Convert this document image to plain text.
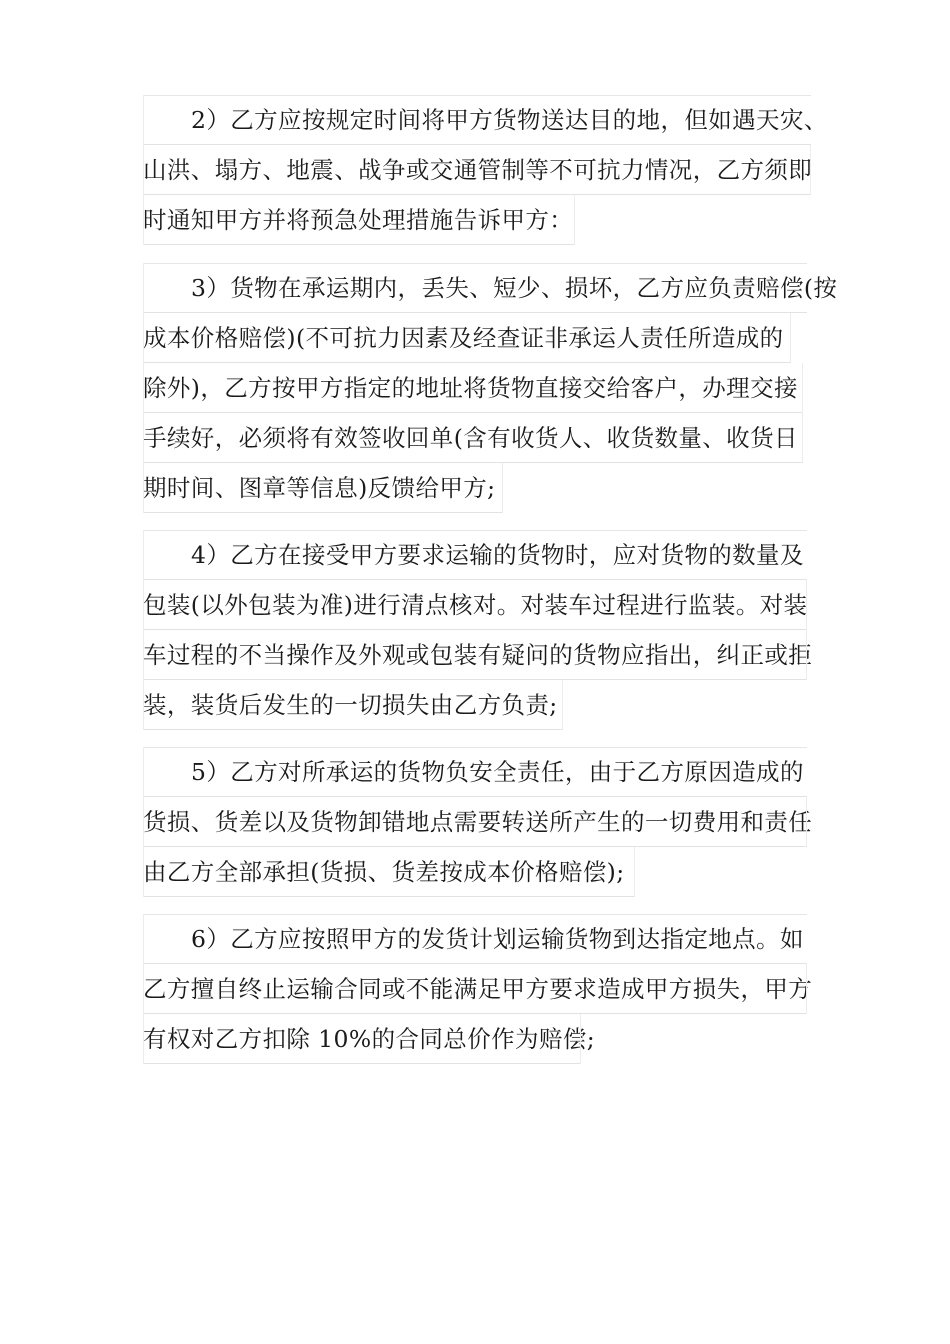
2）乙方应按规定时间将甲方货物送达目的地，但如遇天灾、
山洪、塌方、地震、战争或交通管制等不可抗力情况，乙方须即
时通知甲方并将预急处理措施告诉甲方：
3）货物在承运期内，丢失、短少、损坏，乙方应负责赔偿(按
成本价格赔偿)(不可抗力因素及经查证非承运人责任所造成的
除外)，乙方按甲方指定的地址将货物直接交给客户，办理交接
手续好，必须将有效签收回单(含有收货人、收货数量、收货日
期时间、图章等信息)反馈给甲方;
4）乙方在接受甲方要求运输的货物时，应对货物的数量及
包装(以外包装为准)进行清点核对。对装车过程进行监装。对装
车过程的不当操作及外观或包装有疑问的货物应指出，纠正或拒
装，装货后发生的一切损失由乙方负责;
5）乙方对所承运的货物负安全责任，由于乙方原因造成的
货损、货差以及货物卸错地点需要转送所产生的一切费用和责任
由乙方全部承担(货损、货差按成本价格赔偿);
6）乙方应按照甲方的发货计划运输货物到达指定地点。如
乙方擅自终止运输合同或不能满足甲方要求造成甲方损失，甲方
有权对乙方扣除 10%的合同总价作为赔偿;
